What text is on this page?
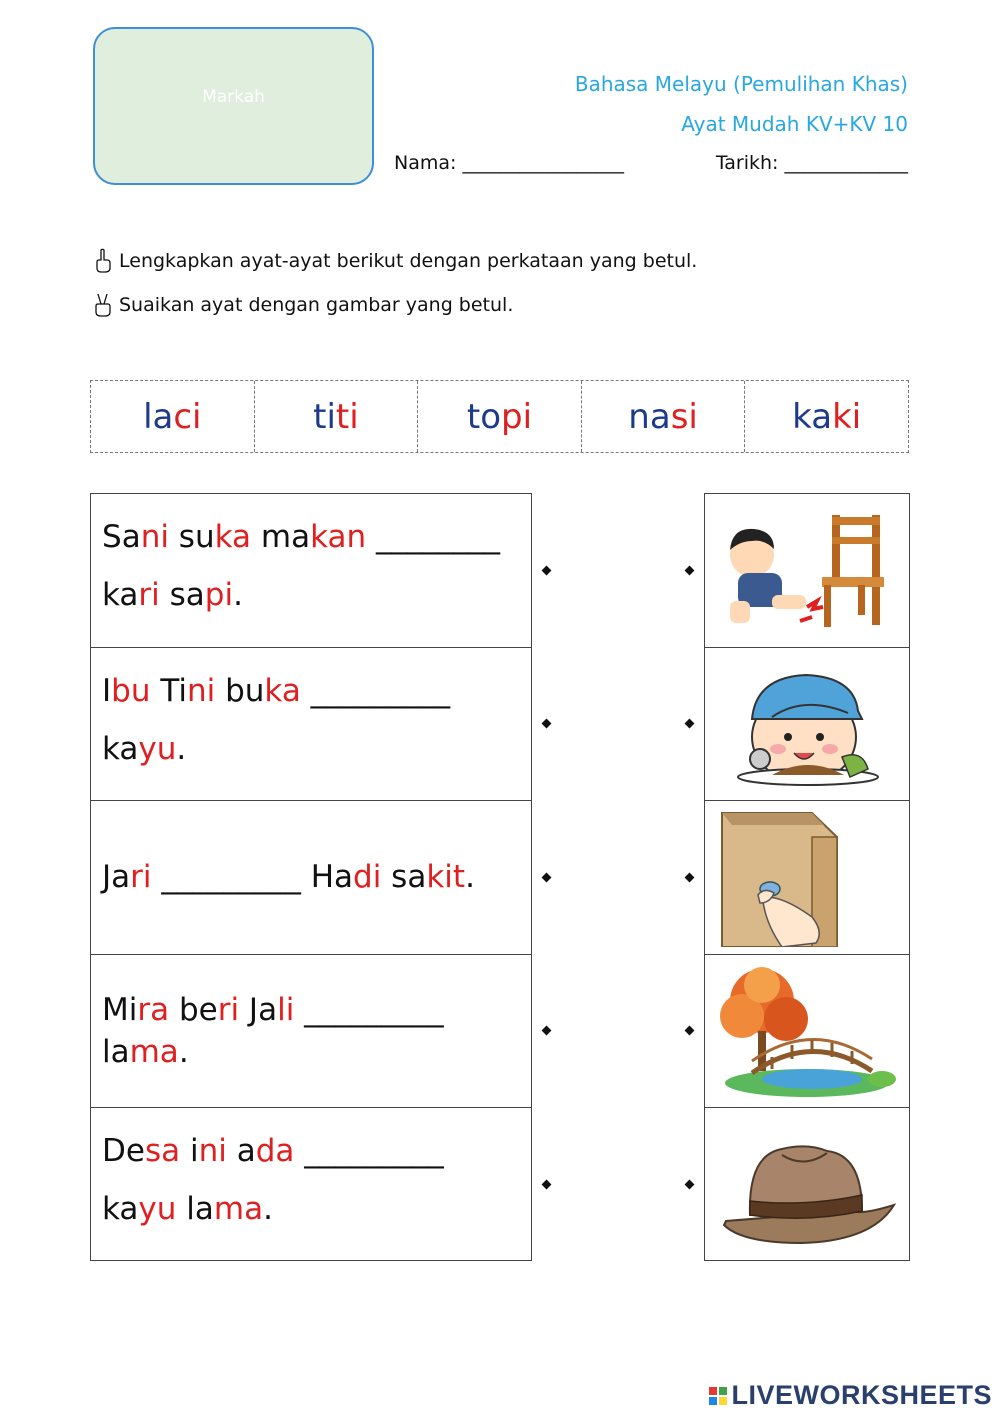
Markah
Bahasa Melayu (Pemulihan Khas)
Ayat Mudah KV+KV 10
Nama: _________________	Tarikh: _____________
Lengkapkan ayat-ayat berikut dengan perkataan yang betul.
Suaikan ayat dengan gambar yang betul.
la ci	ti ti	to pi	na si	ka ki
Sani suka makan ________
kari sapi.
Ibu Tini buka _________
kayu.
Jari _________ Hadi sakit.
Mira beri Jali _________
lama.
Desa ini ada _________
kayu lama.
LIVEWORKSHEETS
